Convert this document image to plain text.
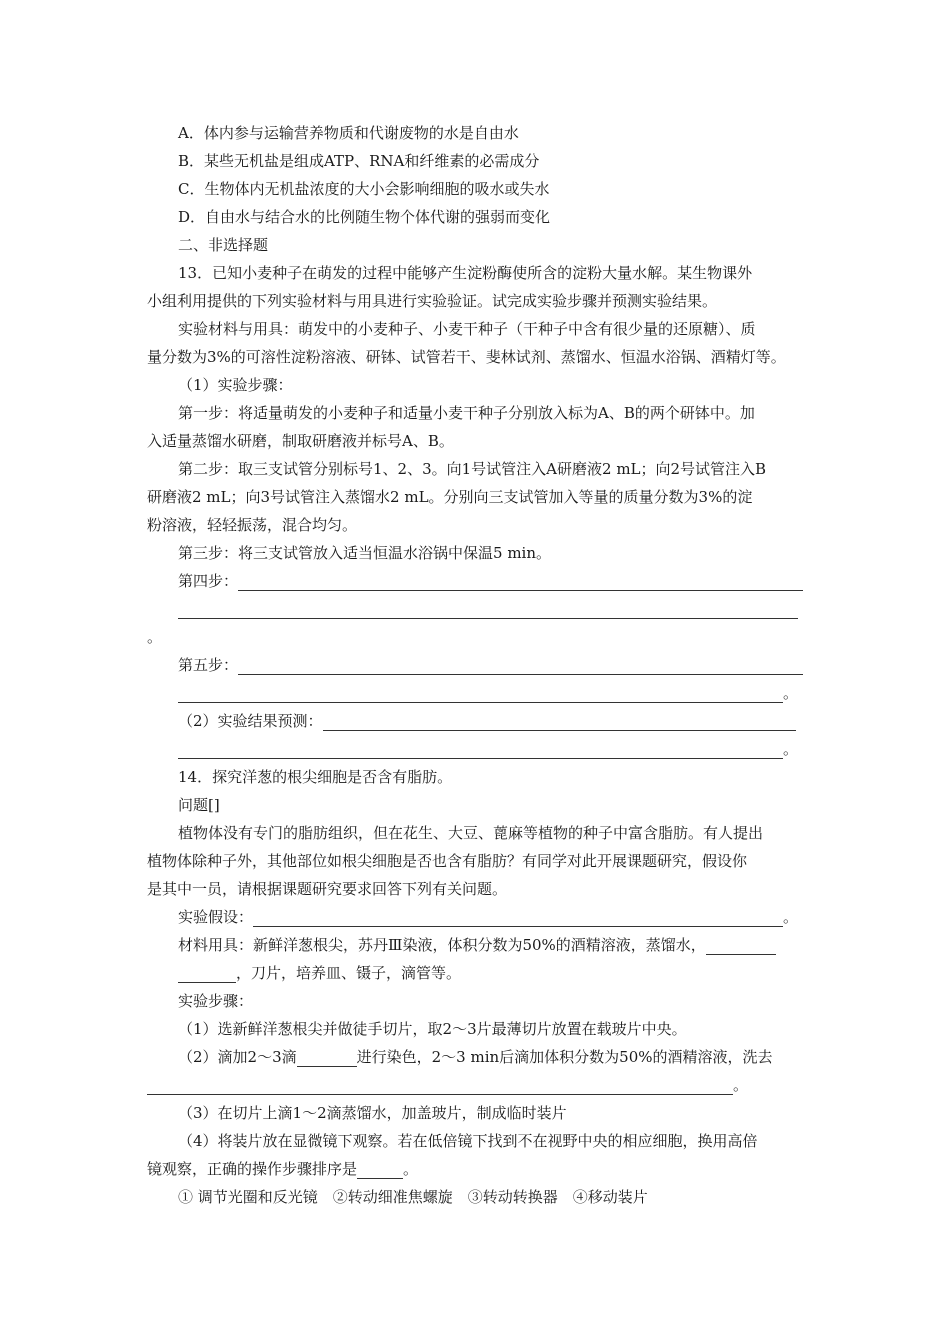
A．体内参与运输营养物质和代谢废物的水是自由水
B．某些无机盐是组成ATP、RNA和纤维素的必需成分
C．生物体内无机盐浓度的大小会影响细胞的吸水或失水
D．自由水与结合水的比例随生物个体代谢的强弱而变化
二、非选择题
13．已知小麦种子在萌发的过程中能够产生淀粉酶使所含的淀粉大量水解。某生物课外
小组利用提供的下列实验材料与用具进行实验验证。试完成实验步骤并预测实验结果。
实验材料与用具：萌发中的小麦种子、小麦干种子（干种子中含有很少量的还原糖）、质
量分数为3%的可溶性淀粉溶液、研钵、试管若干、斐林试剂、蒸馏水、恒温水浴锅、酒精灯等。
（1）实验步骤：
第一步：将适量萌发的小麦种子和适量小麦干种子分别放入标为A、B的两个研钵中。加
入适量蒸馏水研磨，制取研磨液并标号A、B。
第二步：取三支试管分别标号1、2、3。向1号试管注入A研磨液2 mL；向2号试管注入B
研磨液2 mL；向3号试管注入蒸馏水2 mL。分别向三支试管加入等量的质量分数为3%的淀
粉溶液，轻轻振荡，混合均匀。
第三步：将三支试管放入适当恒温水浴锅中保温5 min。
第四步：
。
第五步：
。
（2）实验结果预测：
。
14．探究洋葱的根尖细胞是否含有脂肪。
问题[]
植物体没有专门的脂肪组织，但在花生、大豆、蓖麻等植物的种子中富含脂肪。有人提出
植物体除种子外，其他部位如根尖细胞是否也含有脂肪？有同学对此开展课题研究，假设你
是其中一员，请根据课题研究要求回答下列有关问题。
实验假设：	。
材料用具：新鲜洋葱根尖，苏丹Ⅲ染液，体积分数为50%的酒精溶液，蒸馏水，
，刀片，培养皿、镊子，滴管等。
实验步骤：
（1）选新鲜洋葱根尖并做徒手切片，取2～3片最薄切片放置在载玻片中央。
（2）滴加2～3滴	进行染色，2～3 min后滴加体积分数为50%的酒精溶液，洗去
。
（3）在切片上滴1～2滴蒸馏水，加盖玻片，制成临时装片
（4）将装片放在显微镜下观察。若在低倍镜下找到不在视野中央的相应细胞，换用高倍
镜观察，正确的操作步骤排序是	。
① 调节光圈和反光镜　②转动细准焦螺旋　③转动转换器　④移动装片
